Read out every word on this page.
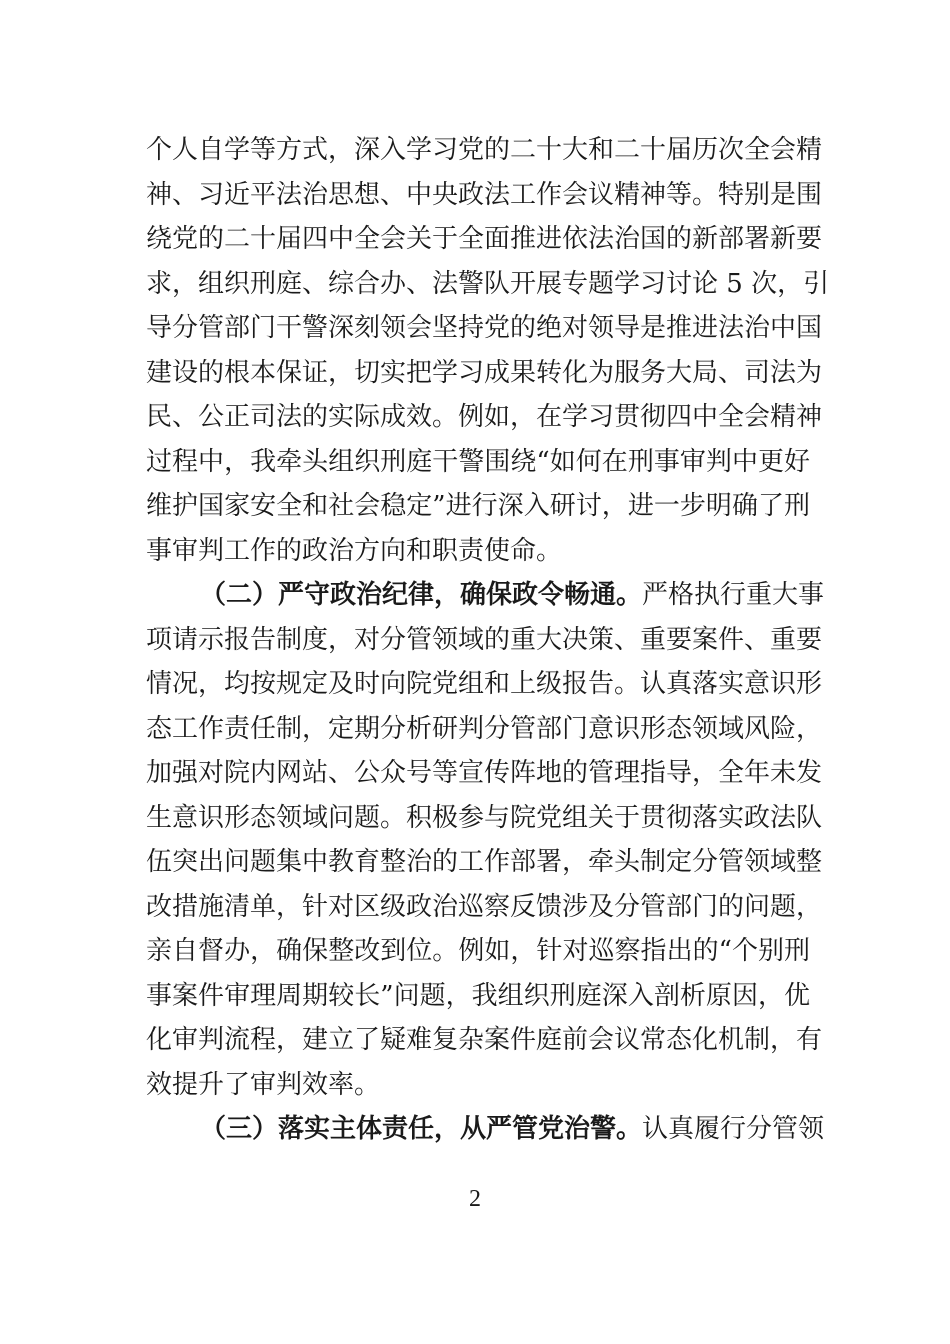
个人自学等方式，深入学习党的二十大和二十届历次全会精
神、习近平法治思想、中央政法工作会议精神等。特别是围
绕党的二十届四中全会关于全面推进依法治国的新部署新要
求，组织刑庭、综合办、法警队开展专题学习讨论 5 次，引
导分管部门干警深刻领会坚持党的绝对领导是推进法治中国
建设的根本保证，切实把学习成果转化为服务大局、司法为
民、公正司法的实际成效。例如，在学习贯彻四中全会精神
过程中，我牵头组织刑庭干警围绕“如何在刑事审判中更好
维护国家安全和社会稳定”进行深入研讨，进一步明确了刑
事审判工作的政治方向和职责使命。
（二）严守政治纪律，确保政令畅通。严格执行重大事
项请示报告制度，对分管领域的重大决策、重要案件、重要
情况，均按规定及时向院党组和上级报告。认真落实意识形
态工作责任制，定期分析研判分管部门意识形态领域风险，
加强对院内网站、公众号等宣传阵地的管理指导，全年未发
生意识形态领域问题。积极参与院党组关于贯彻落实政法队
伍突出问题集中教育整治的工作部署，牵头制定分管领域整
改措施清单，针对区级政治巡察反馈涉及分管部门的问题，
亲自督办，确保整改到位。例如，针对巡察指出的“个别刑
事案件审理周期较长”问题，我组织刑庭深入剖析原因，优
化审判流程，建立了疑难复杂案件庭前会议常态化机制，有
效提升了审判效率。
（三）落实主体责任，从严管党治警。认真履行分管领
2
